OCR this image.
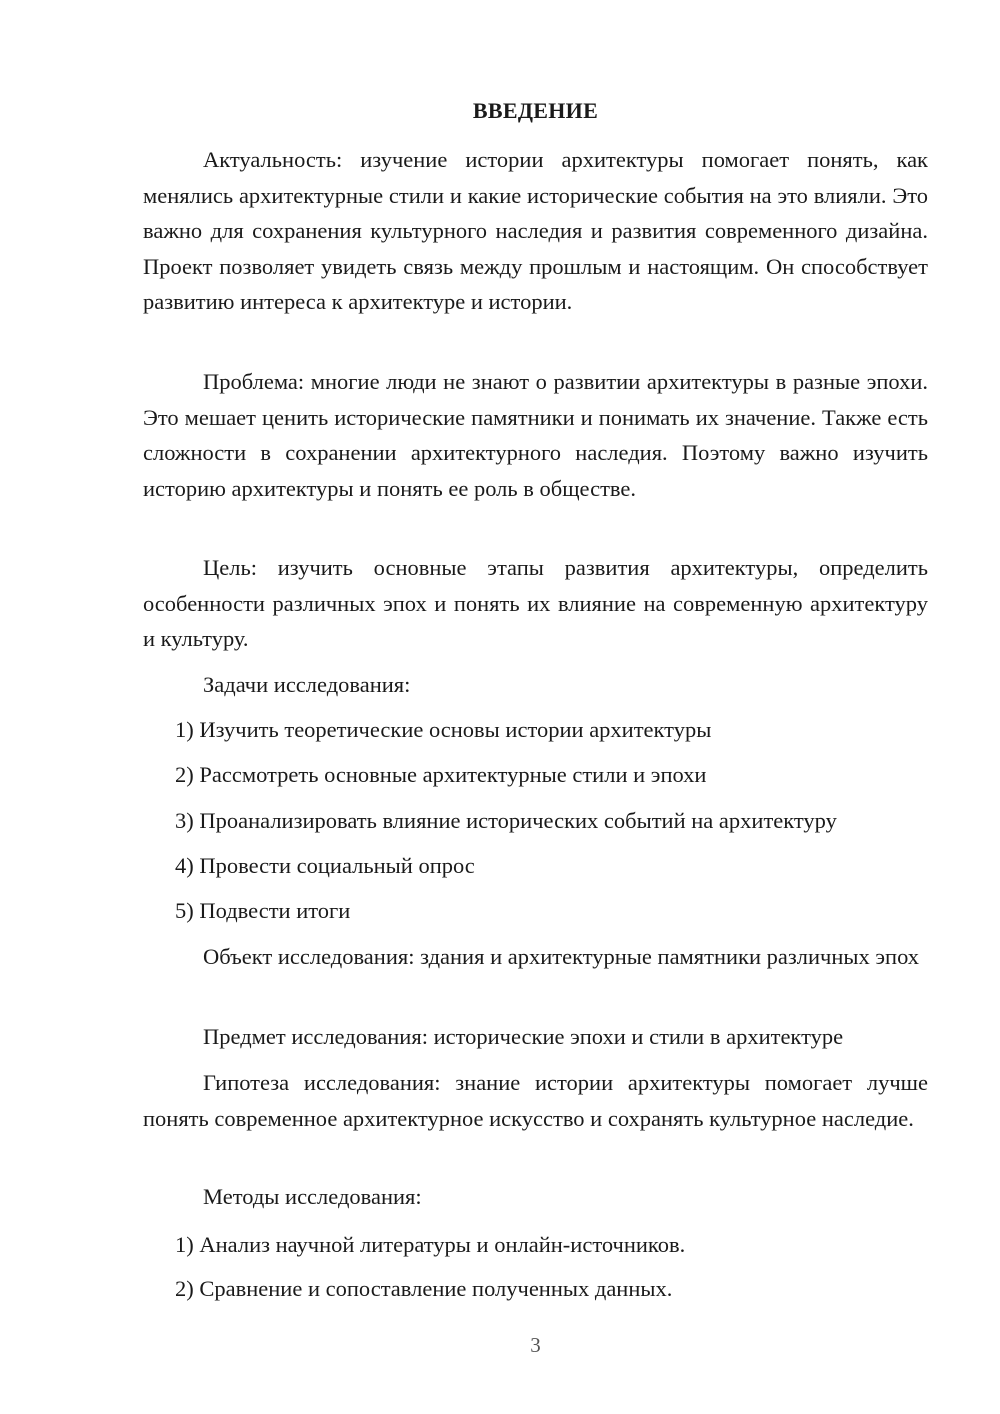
ВВЕДЕНИЕ

Актуальность: изучение истории архитектуры помогает понять, как менялись архитектурные стили и какие исторические события на это влияли. Это важно для сохранения культурного наследия и развития современного дизайна. Проект позволяет увидеть связь между прошлым и настоящим. Он способствует развитию интереса к архитектуре и истории.

Проблема: многие люди не знают о развитии архитектуры в разные эпохи. Это мешает ценить исторические памятники и понимать их значение. Также есть сложности в сохранении архитектурного наследия. Поэтому важно изучить историю архитектуры и понять ее роль в обществе.

Цель: изучить основные этапы развития архитектуры, определить особенности различных эпох и понять их влияние на современную архитектуру и культуру.

Задачи исследования:

1) Изучить теоретические основы истории архитектуры

2) Рассмотреть основные архитектурные стили и эпохи

3) Проанализировать влияние исторических событий на архитектуру

4) Провести социальный опрос

5) Подвести итоги

Объект исследования: здания и архитектурные памятники различных эпох

Предмет исследования: исторические эпохи и стили в архитектуре

Гипотеза исследования: знание истории архитектуры помогает лучше понять современное архитектурное искусство и сохранять культурное наследие.

Методы исследования:

1) Анализ научной литературы и онлайн-источников.

2) Сравнение и сопоставление полученных данных.

3
